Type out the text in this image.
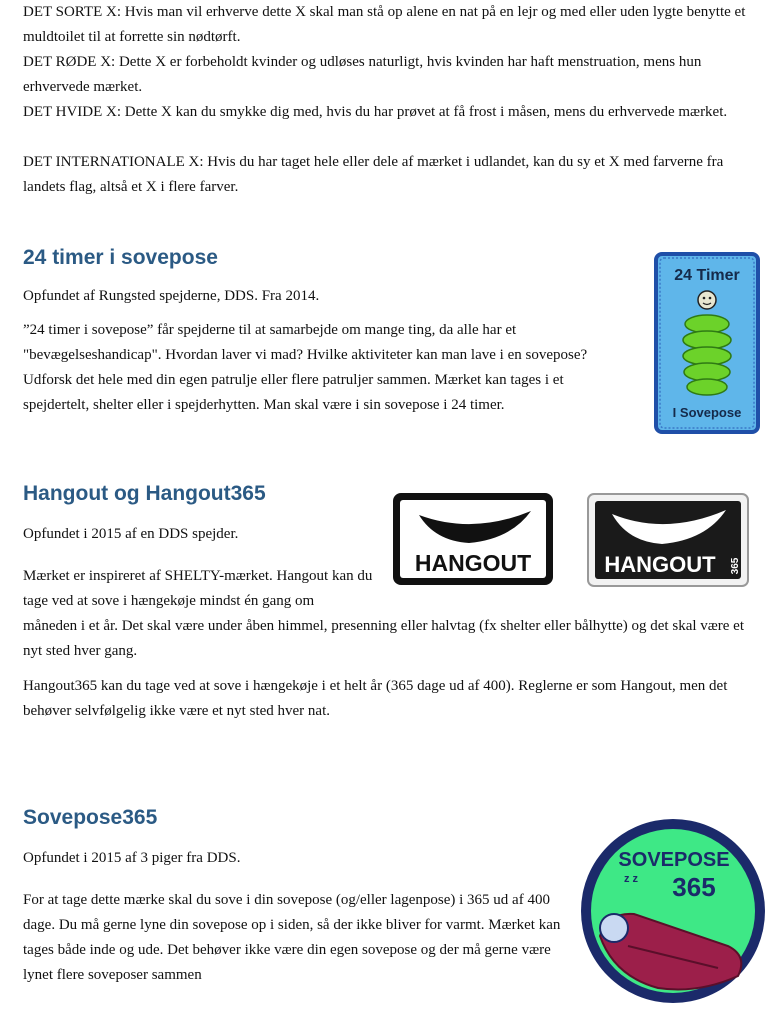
DET SORTE X: Hvis man vil erhverve dette X skal man stå op alene en nat på en lejr og med eller uden lygte benytte et muldtoilet til at forrette sin nødtørft.

DET RØDE X: Dette X er forbeholdt kvinder og udløses naturligt, hvis kvinden har haft menstruation, mens hun erhvervede mærket.

DET HVIDE X: Dette X kan du smykke dig med, hvis du har prøvet at få frost i måsen, mens du erhvervede mærket.

DET INTERNATIONALE X: Hvis du har taget hele eller dele af mærket i udlandet, kan du sy et X med farverne fra landets flag, altså et X i flere farver.

24 timer i sovepose

Opfundet af Rungsted spejderne, DDS. Fra 2014.

”24 timer i sovepose” får spejderne til at samarbejde om mange ting, da alle har et "bevægelseshandicap". Hvordan laver vi mad? Hvilke aktiviteter kan man lave i en sovepose? Udforsk det hele med din egen patrulje eller flere patruljer sammen. Mærket kan tages i et spejdertelt, shelter eller i spejderhytten. Man skal være i sin sovepose i 24 timer.

24 Timer
I Sovepose
Hangout og Hangout365

Opfundet i 2015 af en DDS spejder.

Mærket er inspireret af SHELTY-mærket. Hangout kan du tage ved at sove i hængekøje mindst én gang om

måneden i et år. Det skal være under åben himmel, presenning eller halvtag (fx shelter eller bålhytte) og det skal være et nyt sted hver gang.

Hangout365 kan du tage ved at sove i hængekøje i et helt år (365 dage ud af 400). Reglerne er som Hangout, men det behøver selvfølgelig ikke være et nyt sted hver nat.

HANGOUT	HANGOUT 365
Sovepose365

Opfundet i 2015 af 3 piger fra DDS.

For at tage dette mærke skal du sove i din sovepose (og/eller lagenpose) i 365 ud af 400 dage. Du må gerne lyne din sovepose op i siden, så der ikke bliver for varmt. Mærket kan tages både inde og ude. Det behøver ikke være din egen sovepose og der må gerne være lynet flere soveposer sammen

SOVEPOSE
365
z z
